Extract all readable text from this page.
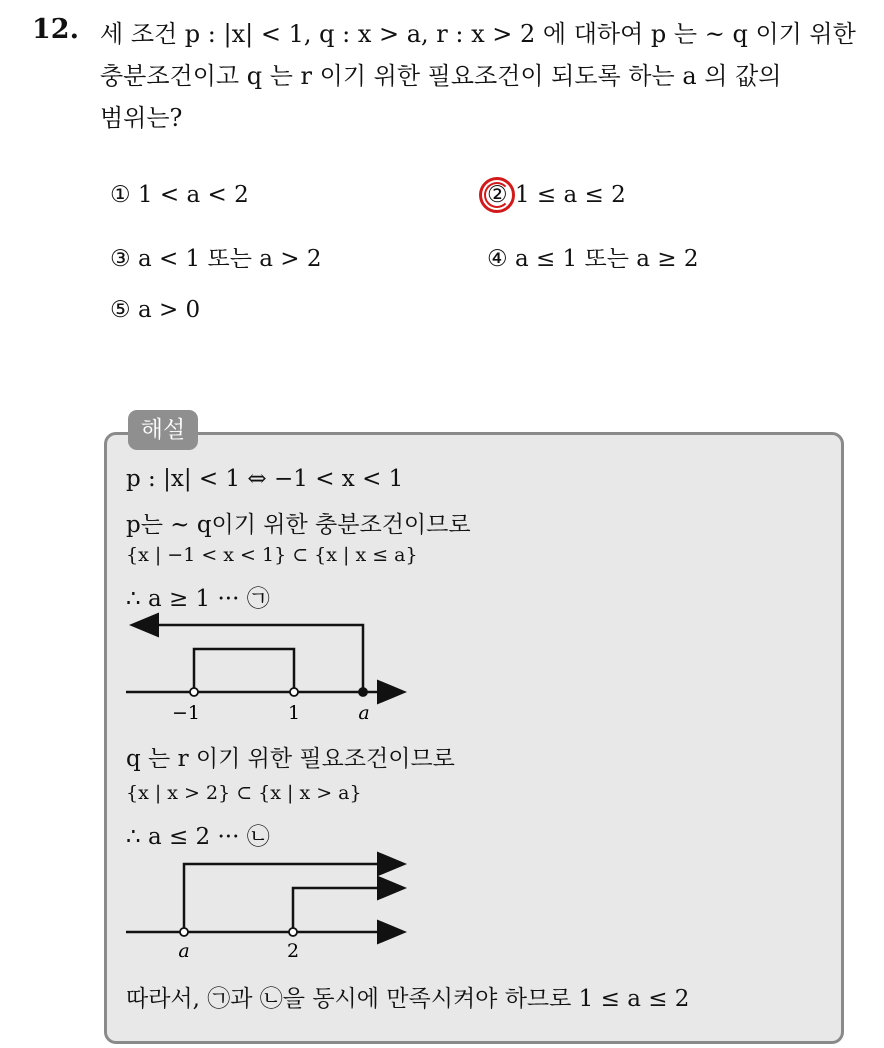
12. 세 조건 p : |x| < 1, q : x > a, r : x > 2 에 대하여 p 는 ~ q 이기 위한
충분조건이고 q 는 r 이기 위한 필요조건이 되도록 하는 a 의 값의
범위는?
① 1 < a < 2	② 1 ≤ a ≤ 2
③ a < 1 또는 a > 2	④ a ≤ 1 또는 a ≥ 2
⑤ a > 0
해설
p : |x| < 1 ⇔ −1 < x < 1
p는 ~ q이기 위한 충분조건이므로
{x | −1 < x < 1} ⊂ {x | x ≤ a}
∴ a ≥ 1 ··· ㉠
−1	1	a
q 는 r 이기 위한 필요조건이므로
{x | x > 2} ⊂ {x | x > a}
∴ a ≤ 2 ··· ㉡
a	2
따라서, ㉠과 ㉡을 동시에 만족시켜야 하므로 1 ≤ a ≤ 2
